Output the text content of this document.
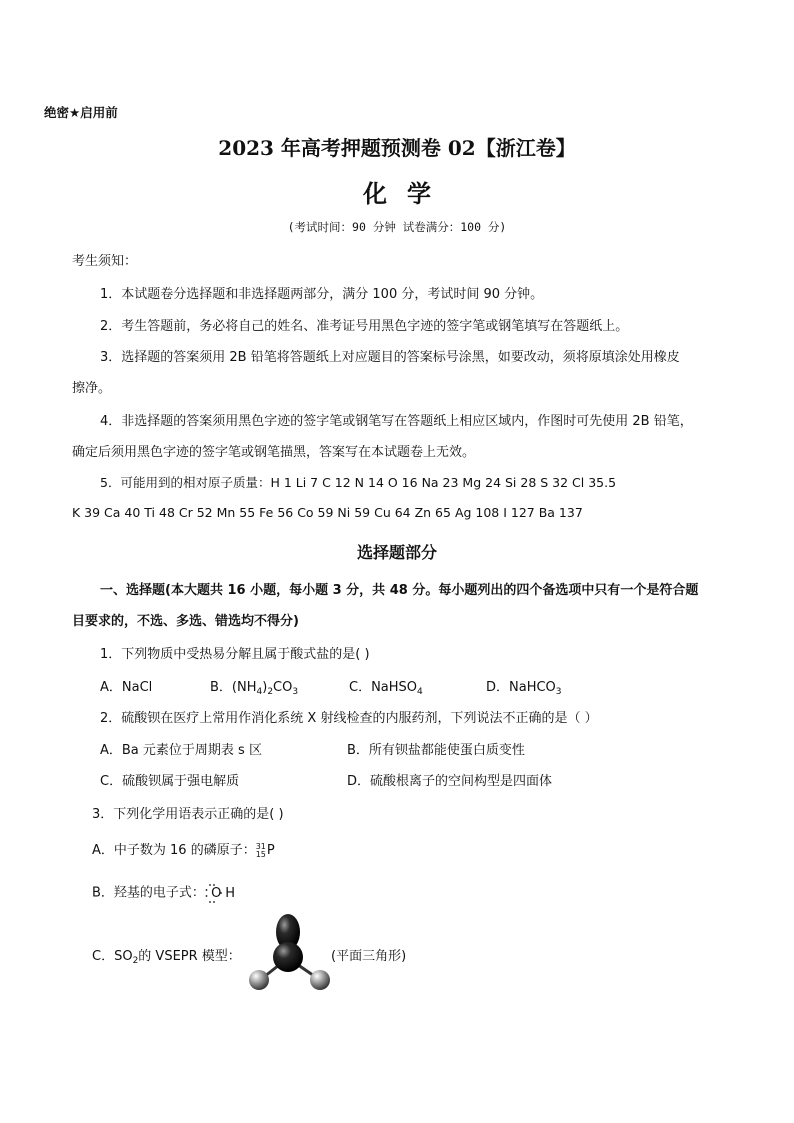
绝密★启用前
2023 年高考押题预测卷 02【浙江卷】
化学
(考试时间：90 分钟 试卷满分：100 分)
考生须知：
1．本试题卷分选择题和非选择题两部分，满分 100 分，考试时间 90 分钟。
2．考生答题前，务必将自己的姓名、准考证号用黑色字迹的签字笔或钢笔填写在答题纸上。
3．选择题的答案须用 2B 铅笔将答题纸上对应题目的答案标号涂黑，如要改动，须将原填涂处用橡皮
擦净。
4．非选择题的答案须用黑色字迹的签字笔或钢笔写在答题纸上相应区域内，作图时可先使用 2B 铅笔，
确定后须用黑色字迹的签字笔或钢笔描黑，答案写在本试题卷上无效。
5．可能用到的相对原子质量：H 1 Li 7 C 12 N 14 O 16 Na 23 Mg 24 Si 28 S 32 Cl 35.5
K 39 Ca 40 Ti 48 Cr 52 Mn 55 Fe 56 Co 59 Ni 59 Cu 64 Zn 65 Ag 108 I 127 Ba 137
选择题部分
一、选择题(本大题共 16 小题，每小题 3 分，共 48 分。每小题列出的四个备选项中只有一个是符合题
目要求的，不选、多选、错选均不得分)
1．下列物质中受热易分解且属于酸式盐的是( )
A．NaCl	B．$(NH_4)_2CO_3$	C．NaHSO$_4$	D．NaHCO$_3$
2．硫酸钡在医疗上常用作消化系统 X 射线检查的内服药剂，下列说法不正确的是（ ）
A．Ba 元素位于周期表 s 区	B．所有钡盐都能使蛋白质变性
C．硫酸钡属于强电解质	D．硫酸根离子的空间构型是四面体
3．下列化学用语表示正确的是( )
A．中子数为 16 的磷原子：31
15P
B．羟基的电子式： O H
C．$SO_2$的 VSEPR 模型：	(平面三角形)
